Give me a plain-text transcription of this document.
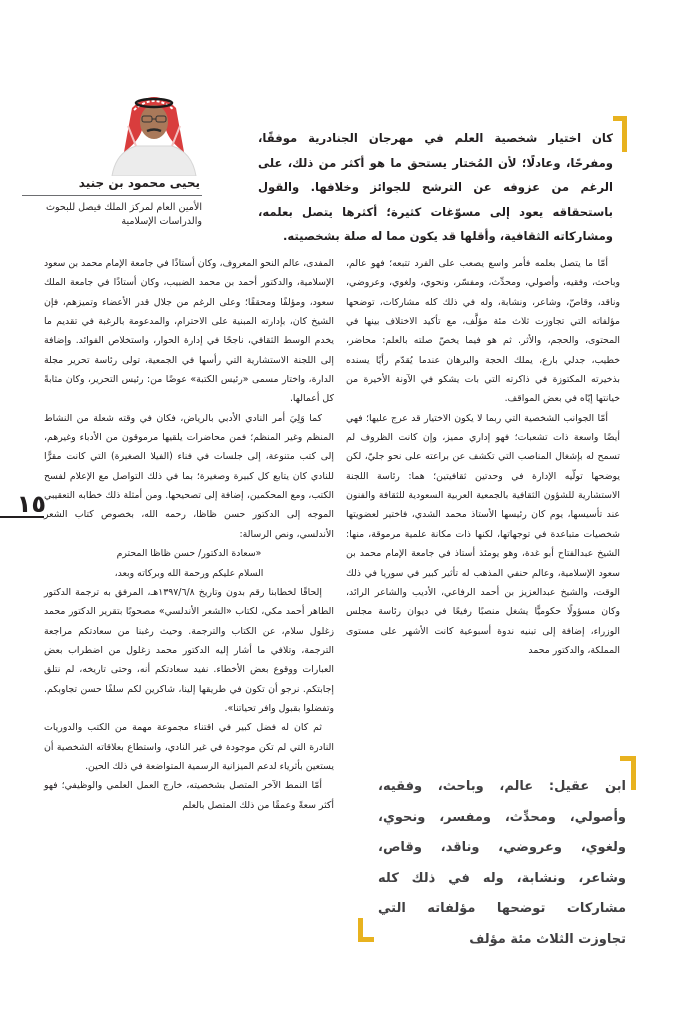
كان اختيار شخصية العلم في مهرجان الجنادرية موفقًا، ومفرحًا، وعادلًا؛ لأن المُختار يستحق ما هو أكثر من ذلك، على الرغم من عزوفه عن الترشح للجوائز وخلافها. والقول باستحقاقه يعود إلى مسوّغات كثيرة؛ أكثرها يتصل بعلمه، ومشاركاته الثقافية، وأقلها قد يكون مما له صلة بشخصيته.
يحيى محمود بن جنيد
الأمين العام لمركز الملك فيصل للبحوث والدراسات الإسلامية

أمّا ما يتصل بعلمه فأمر واسع يصعب على الفرد تتبعه؛ فهو عالم، وباحث، وفقيه، وأصولي، ومحدِّث، ومفسّر، ونحوي، ولغوي، وعروضي، وناقد، وقاصّ، وشاعر، ونشابة، وله في ذلك كله مشاركات، توضحها مؤلفاته التي تجاوزت ثلاث مئة مؤلَّف، مع تأكيد الاختلاف بينها في المحتوى، والحجم، والأثر. ثم هو فيما يخصّ صلته بالعلم: محاضر، خطيب، جدلي بارع، يملك الحجة والبرهان عندما يُقدّم رأيًا يسنده بذخيرته المكتوزة في ذاكرته التي بات يشكو في الآونة الأخيرة من خيانتها إيّاه في بعض المواقف.

أمّا الجوانب الشخصية التي ربما لا يكون الاختيار قد عرج عليها؛ فهي أيضًا واسعة ذات تشعبات؛ فهو إداري مميز، وإن كانت الظروف لم تسمح له بإشغال المناصب التي تكشف عن براعته على نحو جليّ، لكن يوضحها تولّيه الإدارة في وحدتين ثقافيتين؛ هما: رئاسة اللجنة الاستشارية للشؤون الثقافية بالجمعية العربية السعودية للثقافة والفنون عند تأسيسها، يوم كان رئيسها الأستاذ محمد الشدي، فاختير لعضويتها شخصيات متباعدة في توجهاتها، لكنها ذات مكانة علمية مرموقة، منها: الشيخ عبدالفتاح أبو غدة، وهو يومئذ أستاذ في جامعة الإمام محمد بن سعود الإسلامية، وعالم حنفي المذهب له تأثير كبير في سوريا في ذلك الوقت، والشيخ عبدالعزيز بن أحمد الرفاعي، الأديب والشاعر الرائد، وكان مسؤولًا حكوميًّا يشغل منصبًا رفيعًا في ديوان رئاسة مجلس الوزراء، إضافة إلى تبنيه ندوة أسبوعية كانت الأشهر على مستوى المملكة، والدكتور محمد

المفدى، عالم النحو المعروف، وكان أستاذًا في جامعة الإمام محمد بن سعود الإسلامية، والدكتور أحمد بن محمد الضبيب، وكان أستاذًا في جامعة الملك سعود، ومؤلفًا ومحققًا؛ وعلى الرغم من جلال قدر الأعضاء وتميزهم، فإن الشيخ كان، بإدارته المبنية على الاحترام، والمدعومة بالرغبة في تقديم ما يخدم الوسط الثقافي، ناجحًا في إدارة الحوار، واستخلاص الفوائد. وإضافة إلى اللجنة الاستشارية التي رأسها في الجمعية، تولى رئاسة تحرير مجلة الدارة، واختار مسمى «رئيس الكتبة» عوضًا من: رئيس التحرير، وكان مثابةً كل أعمالها.

كما وَلِيَ أمر النادي الأدبي بالرياض، فكان في وقته شعلة من النشاط المنظم وغير المنظم؛ فمن محاضرات يلقيها مرموقون من الأدباء وغيرهم، إلى كتب متنوعة، إلى جلسات في فناء (الفيلا الصغيرة) التي كانت مقرًّا للنادي كان يتابع كل كبيرة وصغيرة؛ بما في ذلك التواصل مع الإعلام لفسح الكتب، ومع المحكمين، إضافة إلى تصحيحها. ومن أمثلة ذلك خطابه التعقيبي الموجه إلى الدكتور حسن ظاظا، رحمه الله، بخصوص كتاب الشعر الأندلسي، ونص الرسالة:

«سعادة الدكتور/ حسن ظاظا المحترم

السلام عليكم ورحمة الله وبركاته وبعد،

إلحاقًا لخطابنا رقم بدون وتاريخ ١٣٩٧/٦/٨هـ، المرفق به ترجمة الدكتور الطاهر أحمد مكي، لكتاب «الشعر الأندلسي» مصحوبًا بتقرير الدكتور محمد زغلول سلام، عن الكتاب والترجمة. وحيث رغبنا من سعادتكم مراجعة الترجمة، وتلافي ما أشار إليه الدكتور محمد زغلول من اضطراب بعض العبارات ووقوع بعض الأخطاء. نفيد سعادتكم أنه، وحتى تاريخه، لم نتلق إجابتكم. نرجو أن تكون في طريقها إلينا، شاكرين لكم سلفًا حسن تجاوبكم. وتفضلوا بقبول وافر تحياتنا».

ثم كان له فضل كبير في اقتناء مجموعة مهمة من الكتب والدوريات النادرة التي لم تكن موجودة في غير النادي، واستطاع بعلاقاته الشخصية أن يستعين بأثرياء لدعم الميزانية الرسمية المتواضعة في ذلك الحين.

أمّا النمط الآخر المتصل بشخصيته، خارج العمل العلمي والوظيفي؛ فهو أكثر سعةً وعمقًا من ذلك المتصل بالعلم

١٥
ابن عقيل: عالم، وباحث، وفقيه، وأصولي، ومحدِّث، ومفسر، ونحوي، ولغوي، وعروضي، وناقد، وقاص، وشاعر، ونشابة، وله في ذلك كله مشاركات توضحها مؤلفاته التي تجاوزت الثلاث مئة مؤلف
